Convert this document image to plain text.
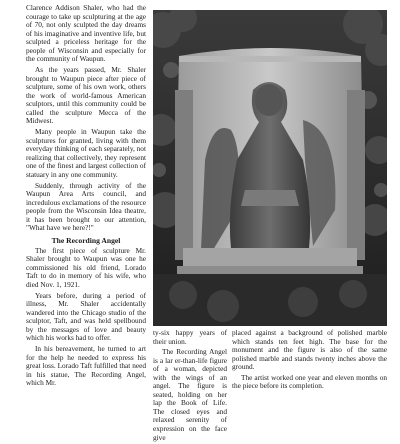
Clarence Addison Shaler, who had the courage to take up sculpturing at the age of 70, not only sculpted the day dreams of his imaginative and inventive life, but sculpted a priceless heritage for the people of Wisconsin and especially for the community of Waupun.

As the years passed, Mr. Shaler brought to Waupun piece after piece of sculpture, some of his own work, others the work of world-famous American sculptors, until this community could be called the sculpture Mecca of the Midwest.

Many people in Waupun take the sculptures for granted, living with them everyday thinking of each separately, not realizing that collectively, they represent one of the finest and largest collection of statuary in any one community.

Suddenly, through activity of the Waupun Area Arts council, and incredulous exclamations of the resource people from the Wisconsin Idea theatre, it has been brought to our attention, "What have we here?!"

The Recording Angel

The first piece of sculpture Mr. Shaler brought to Waupun was one he commissioned his old friend, Lorado Taft to do in memory of his wife, who died Nov. 1, 1921.

Years before, during a period of illness, Mr. Shaler accidentally wandered into the Chicago studio of the sculptor, Taft, and was held spellbound by the messages of love and beauty which his works had to offer.

In his bereavement, he turned to art for the help he needed to express his great loss. Lorado Taft fulfilled that need in his statue, The Recording Angel, which Mr.

ty-six happy years of their union.

The Recording Angel is a lar er-than-life figure of a woman, depicted with the wings of an angel. The figure is seated, holding on her lap the Book of Life. The closed eyes and relaxed serenity of expression on the face give

placed against a background of polished marble which stands ten feet high. The base for the monument and the figure is also of the same polished marble and stands twenty inches above the ground.

The artist worked one year and eleven months on the piece before its completion.
